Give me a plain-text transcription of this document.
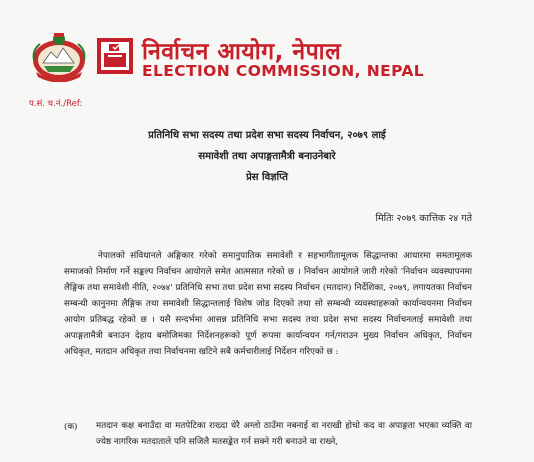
निर्वाचन आयोग, नेपाल
ELECTION COMMISSION, NEPAL
प.सं. च.नं./Ref:
प्रतिनिधि सभा सदस्य तथा प्रदेश सभा सदस्य निर्वाचन, २०७९ लाई
समावेशी तथा अपाङ्गतामैत्री बनाउनेबारे
प्रेस विज्ञप्ति
मितिः २०७९ कात्तिक २४ गते

नेपालको संविधानले अङ्गिकार गरेको समानुपातिक समावेशी र सहभागीतामूलक सिद्धान्तका आधारमा समतामूलक समाजको निर्माण गर्ने सङ्कल्प निर्वाचन आयोगले समेत आत्मसात गरेको छ । निर्वाचन आयोगले जारी गरेको 'निर्वाचन व्यवस्थापनमा लैङ्गिक तथा समावेशी नीति, २०७४' प्रतिनिधि सभा तथा प्रदेश सभा सदस्य निर्वाचन (मतदान) निर्देशिका, २०७९, लगायतका निर्वाचन सम्बन्धी कानुनमा लैङ्गिक तथा समावेशी सिद्धान्तलाई विशेष जोड दिएको तथा सो सम्बन्धी व्यवस्थाहरूको कार्यान्वयनमा निर्वाचन आयोग प्रतिबद्ध रहेको छ । यसै सन्दर्भमा आसन्न प्रतिनिधि सभा सदस्य तथा प्रदेश सभा सदस्य निर्वाचनलाई समावेशी तथा अपाङ्गतामैत्री बनाउन देहाय बमोजिमका निर्देशनहरूको पूर्ण रूपमा कार्यान्वयन गर्न/गराउन मुख्य निर्वाचन अधिकृत, निर्वाचन अधिकृत, मतदान अधिकृत तथा निर्वाचनमा खटिने सबै कर्मचारीलाई निर्देशन गरिएको छ :

(क) मतदान कक्ष बनाउँदा वा मतपेटिका राख्दा धेरै अग्लो ठाउँमा नबनाई वा नराखी होचो कद वा अपाङ्गता भएका व्यक्ति वा ज्येष्ठ नागरिक मतदाताले पनि सजिलै मतसङ्केत गर्न सक्ने गरी बनाउने वा राख्ने,
